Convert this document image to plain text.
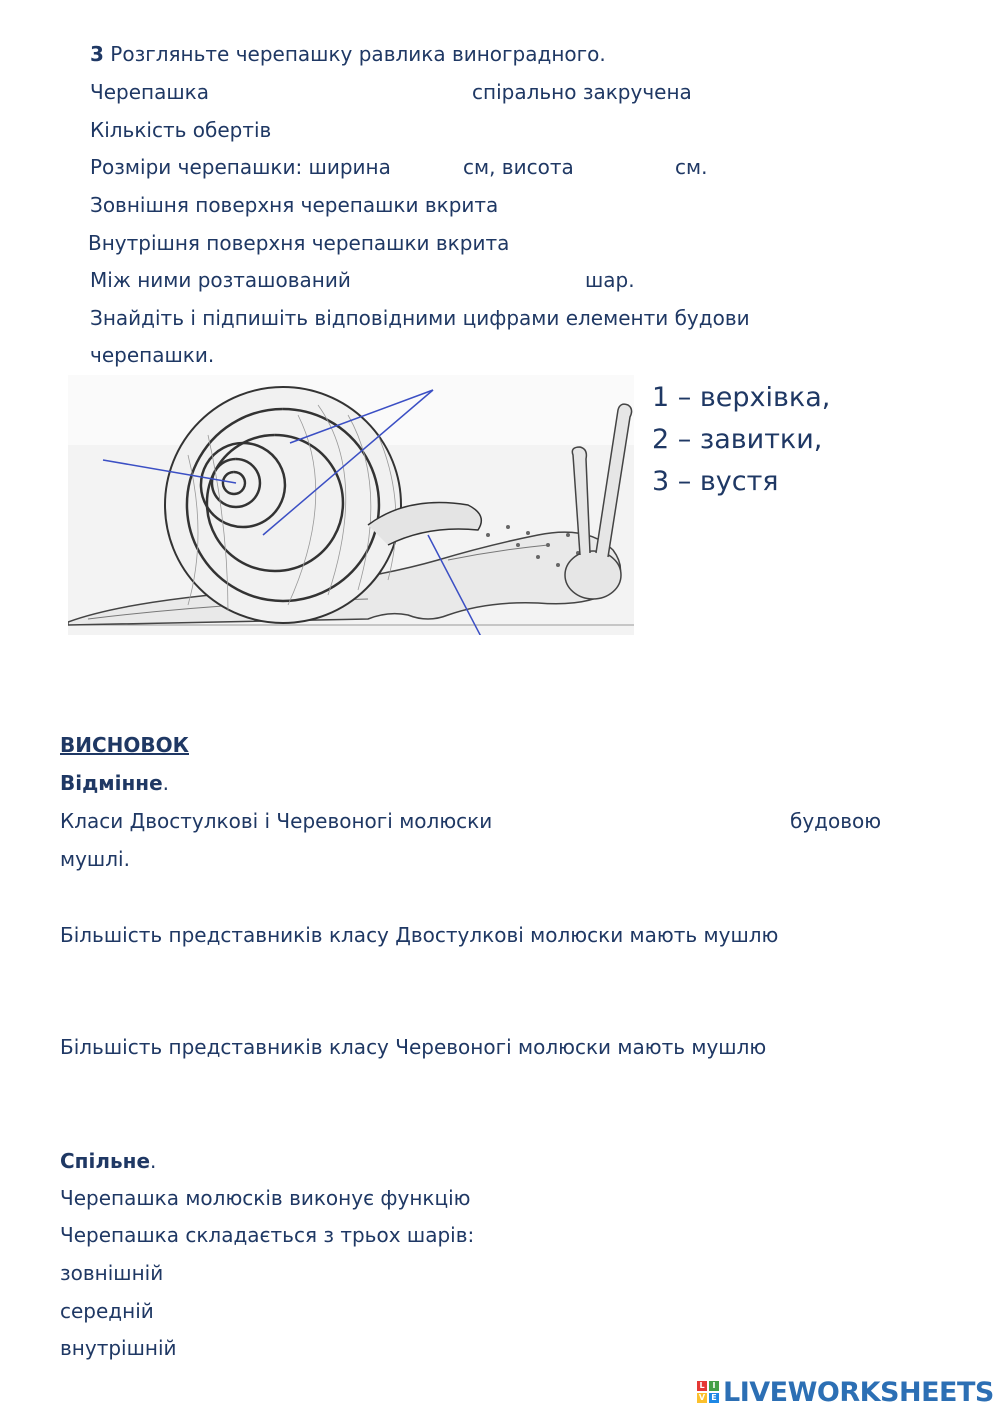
3 Розгляньте черепашку равлика виноградного.
Черепашка	спірально закручена
Кількість обертів
Розміри черепашки: ширина	см, висота	см.
Зовнішня поверхня черепашки вкрита
Внутрішня поверхня черепашки вкрита
Між ними розташований	шар.
Знайдіть і підпишіть відповідними цифрами елементи будови
черепашки.
1 – верхівка,
2 – завитки,
3 – вустя
ВИСНОВОК
Відмінне.
Класи Двостулкові і Черевоногі молюски	будовою
мушлі.
Більшість представників класу Двостулкові молюски мають мушлю
Більшість представників класу Черевоногі молюски мають мушлю
Спільне.
Черепашка молюсків виконує функцію
Черепашка складається з трьох шарів:
зовнішній
середній
внутрішній
L I
V E LIVEWORKSHEETS
